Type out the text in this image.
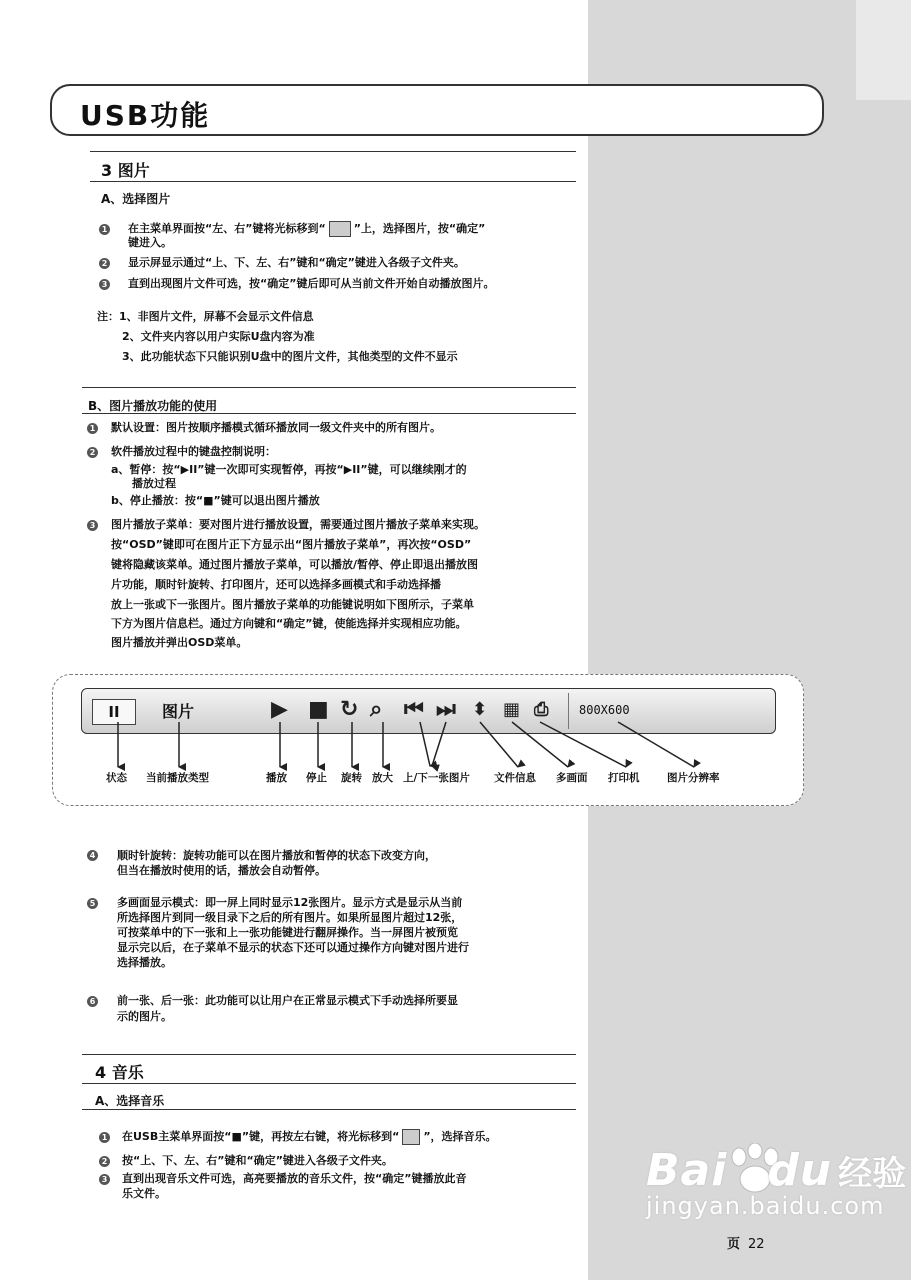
USB功能
3 图片
A、选择图片
1 在主菜单界面按“左、右”键将光标移到“	”上，选择图片，按“确定”
键进入。
2 显示屏显示通过“上、下、左、右”键和“确定”键进入各级子文件夹。
3 直到出现图片文件可选，按“确定”键后即可从当前文件开始自动播放图片。
注：1、非图片文件，屏幕不会显示文件信息
2、文件夹内容以用户实际U盘内容为准
3、此功能状态下只能识别U盘中的图片文件，其他类型的文件不显示
B、图片播放功能的使用
1 默认设置：图片按顺序播模式循环播放同一级文件夹中的所有图片。
2 软件播放过程中的键盘控制说明：
a、暂停：按“▶II”键一次即可实现暂停，再按“▶II”键，可以继续刚才的
播放过程
b、停止播放：按“■”键可以退出图片播放
3 图片播放子菜单：要对图片进行播放设置，需要通过图片播放子菜单来实现。
按“OSD”键即可在图片正下方显示出“图片播放子菜单”，再次按“OSD”
键将隐藏该菜单。通过图片播放子菜单，可以播放/暂停、停止即退出播放图
片功能，顺时针旋转、打印图片，还可以选择多画模式和手动选择播
放上一张或下一张图片。图片播放子菜单的功能键说明如下图所示，子菜单
下方为图片信息栏。通过方向键和“确定”键，使能选择并实现相应功能。
图片播放并弹出OSD菜单。
II	图片	▶ ■ ↻ ⌕ ⏮ ⏭ ⬍ ▦ ⎙	800X600
状态 当前播放类型	播放 停止 旋转 放大 上/下一张图片 文件信息 多画面 打印机	图片分辨率
4 顺时针旋转：旋转功能可以在图片播放和暂停的状态下改变方向，
但当在播放时使用的话，播放会自动暂停。
5 多画面显示模式：即一屏上同时显示12张图片。显示方式是显示从当前
所选择图片到同一级目录下之后的所有图片。如果所显图片超过12张，
可按菜单中的下一张和上一张功能键进行翻屏操作。当一屏图片被预览
显示完以后，在子菜单不显示的状态下还可以通过操作方向键对图片进行
选择播放。
6 前一张、后一张：此功能可以让用户在正常显示模式下手动选择所要显
示的图片。
4 音乐
A、选择音乐
1 在USB主菜单界面按“■”键，再按左右键，将光标移到“ ”，选择音乐。
2 按“上、下、左、右”键和“确定”键进入各级子文件夹。
3 直到出现音乐文件可选，高亮要播放的音乐文件，按“确定”键播放此音
乐文件。	Bai du 经验
jingyan.baidu.com
页 22
